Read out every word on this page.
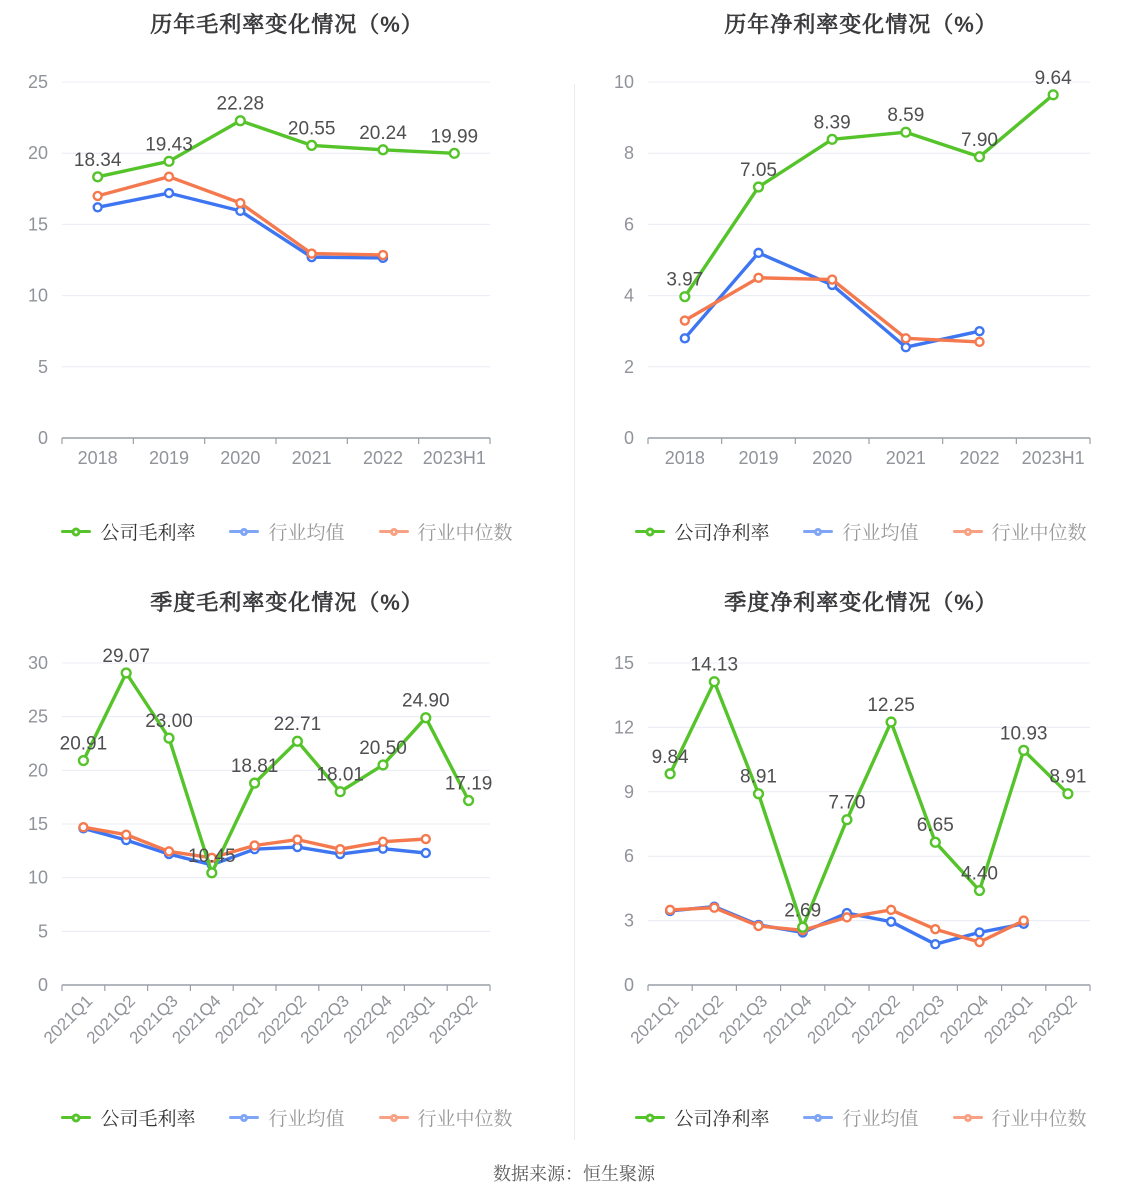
历年毛利率变化情况（%）
0
5
10
15
20
25
2018 2019 2020 2021 2022 2023H1
18.34
19.43
22.28
20.55 20.24 19.99
公司毛利率	行业均值	行业中位数
历年净利率变化情况（%）
0
2
4
6
8
10
2018 2019 2020 2021 2022 2023H1
3.97
7.05
8.39 8.59
7.90
9.64
公司净利率	行业均值	行业中位数
季度毛利率变化情况（%）
0
5
10
15
20
25
30
2021Q1
2021Q2
2021Q3
2021Q4
2022Q1
2022Q2
2022Q3
2022Q4
2023Q1
2023Q2
20.91
29.07
23.00
10.45
18.81
22.71
18.01
20.50
24.90
17.19
公司毛利率	行业均值	行业中位数
季度净利率变化情况（%）
0
3
6
9
12
15
2021Q1
2021Q2
2021Q3
2021Q4
2022Q1
2022Q2
2022Q3
2022Q4
2023Q1
2023Q2
9.84
14.13
8.91
2.69
7.70
12.25
6.65
4.40
10.93
8.91
公司净利率	行业均值	行业中位数
数据来源：恒生聚源
